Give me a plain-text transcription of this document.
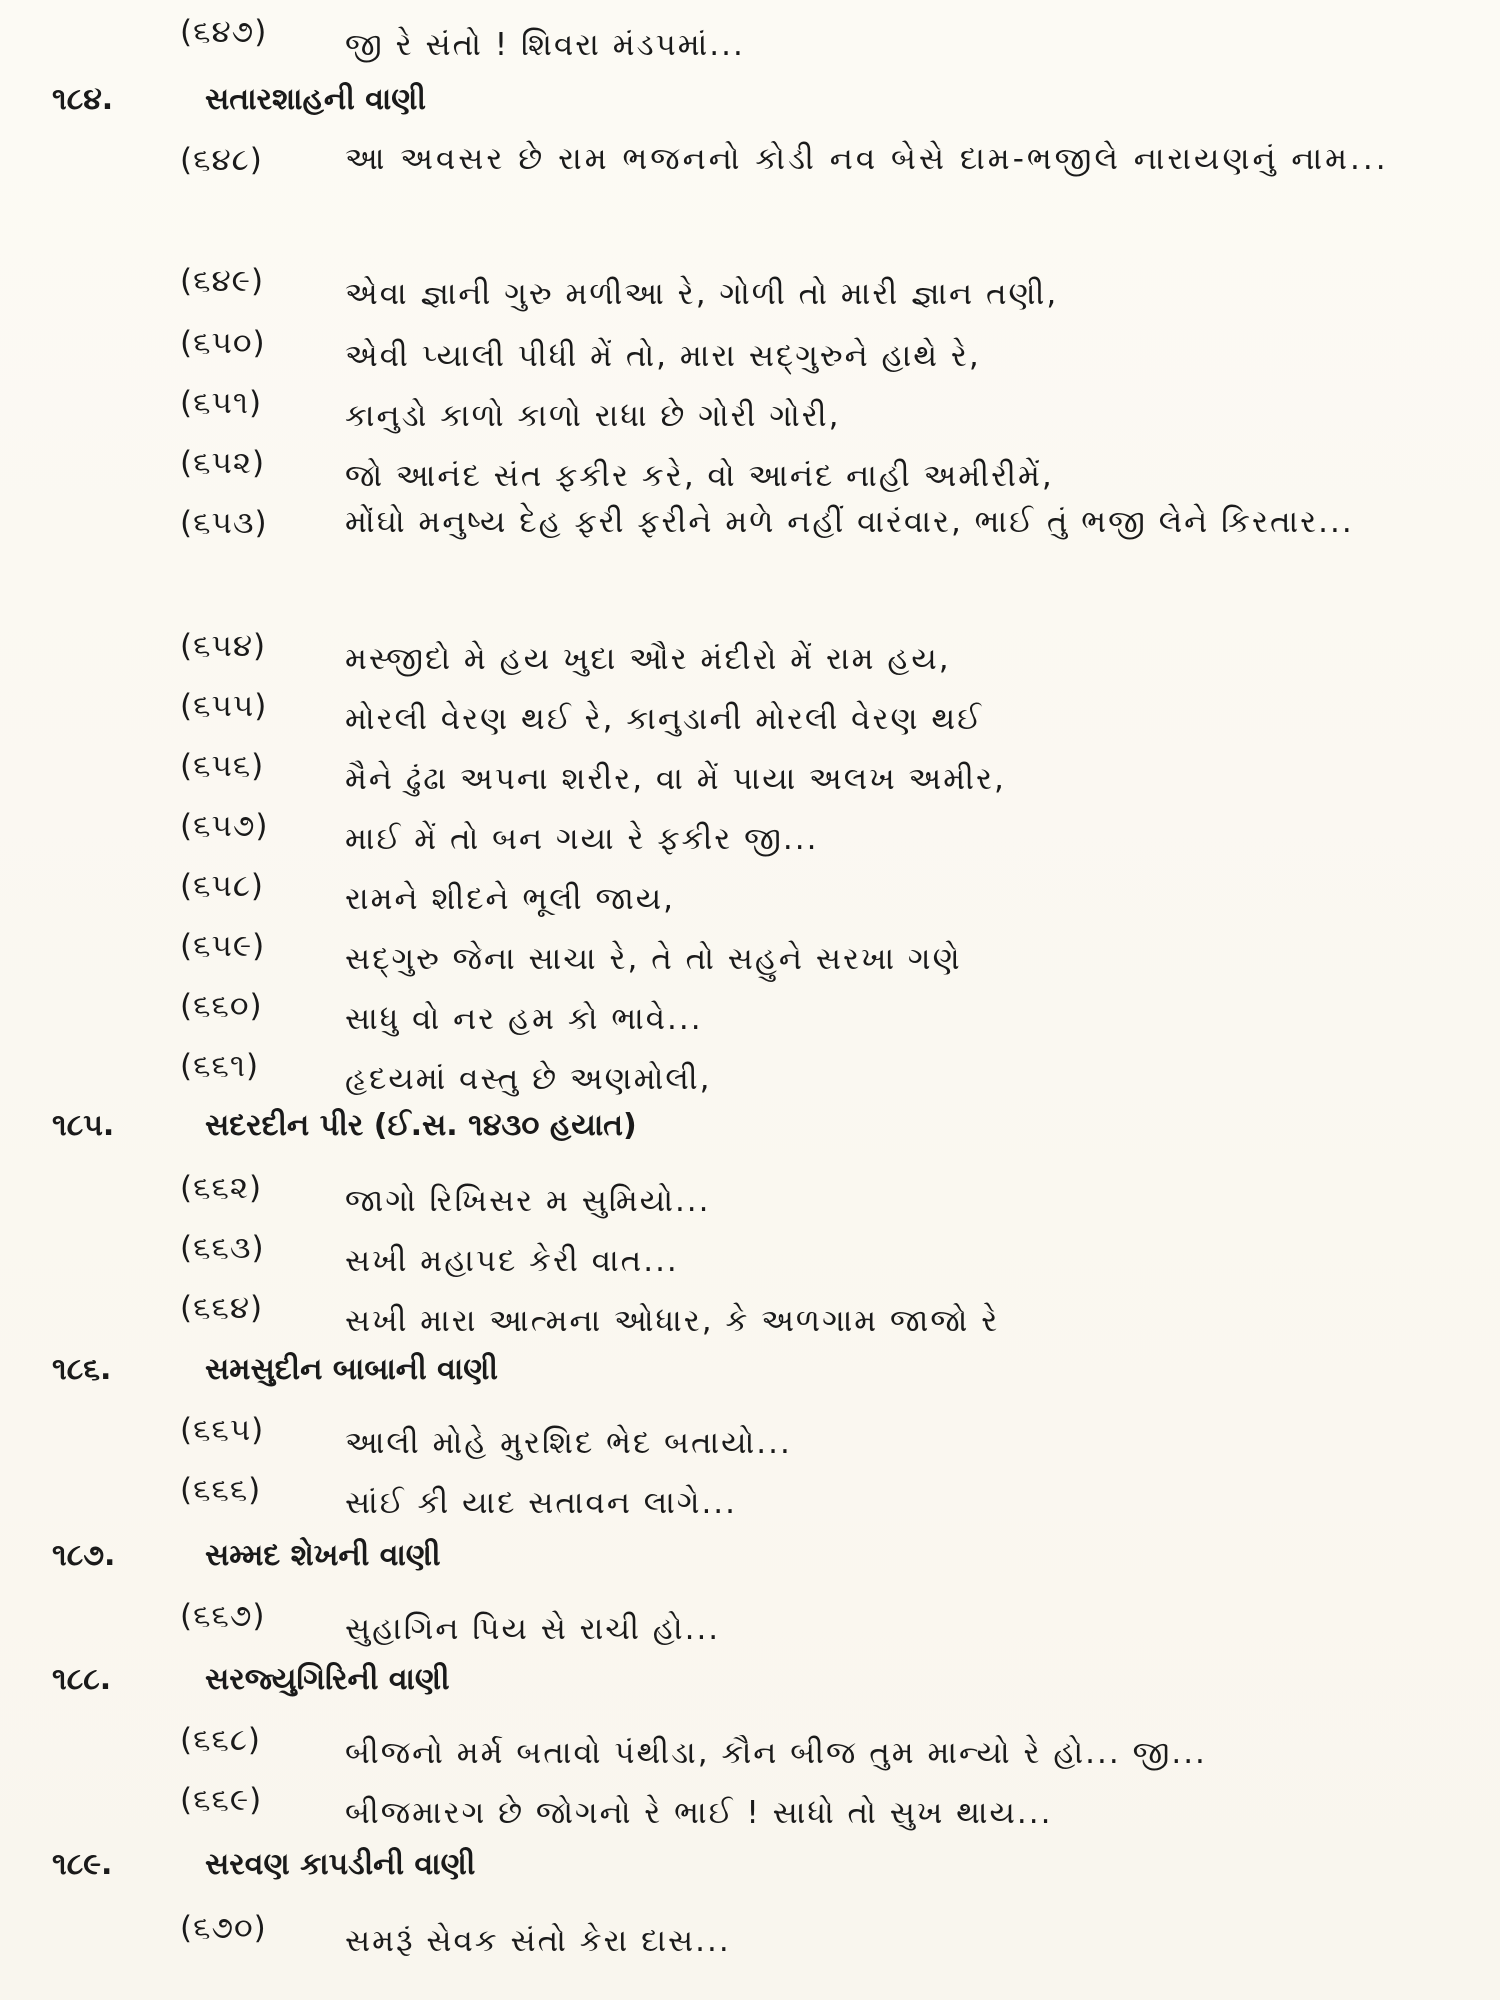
(૬૪૭)	જી રે સંતો ! શિવરા મંડપમાં...
૧૮૪.	સતારશાહની વાણી
(૬૪૮)	આ અવસર છે રામ ભજનનો કોડી નવ બેસે દામ-ભજીલે નારાયણનું નામ...
(૬૪૯)	એવા જ્ઞાની ગુરુ મળીઆ રે, ગોળી તો મારી જ્ઞાન તણી,
(૬૫૦)	એવી પ્યાલી પીધી મેં તો, મારા સદ્‌ગુરુને હાથે રે,
(૬૫૧)	કાનુડો કાળો કાળો રાધા છે ગોરી ગોરી,
(૬૫૨)	જો આનંદ સંત ફકીર કરે, વો આનંદ નાહી અમીરીમેં,
(૬૫૩) મોંઘો મનુષ્ય દેહ ફરી ફરીને મળે નહીં વારંવાર, ભાઈ તું ભજી લેને કિરતાર...
(૬૫૪)	મસ્જીદો મે હય ખુદા ઔર મંદીરો મેં રામ હય,
(૬૫૫)	મોરલી વેરણ થઈ રે, કાનુડાની મોરલી વેરણ થઈ
(૬૫૬)	મૈને ઢુંઢા અપના શરીર, વા મેં પાયા અલખ અમીર,
(૬૫૭) માઈ મેં તો બન ગયા રે ફકીર જી...
(૬૫૮)	રામને શીદને ભૂલી જાય,
(૬૫૯)	સદ્‌ગુરુ જેના સાચા રે, તે તો સહુને સરખા ગણે
(૬૬૦)	સાધુ વો નર હમ કો ભાવે...
(૬૬૧)	હૃદયમાં વસ્તુ છે અણમોલી,
૧૮૫.	સદરદીન પીર (ઈ.સ. ૧૪૩૦ હયાત)
(૬૬૨)	જાગો રિખિસર મ સુમિયો...
(૬૬૩)	સખી મહાપદ કેરી વાત...
(૬૬૪)	સખી મારા આત્મના ઓધાર, કે અળગામ જાજો રે
૧૮૬.	સમસુદીન બાબાની વાણી
(૬૬૫)	આલી મોહે મુરશિદ ભેદ બતાયો...
(૬૬૬)	સાંઈ કી યાદ સતાવન લાગે...
૧૮૭.	સમ્મદ શેખની વાણી
(૬૬૭)	સુહાગિન પિય સે રાચી હો...
૧૮૮.	સરજ્યુગિરિની વાણી
(૬૬૮)	બીજનો મર્મ બતાવો પંથીડા, કૌન બીજ તુમ માન્યો રે હો... જી...
(૬૬૯)	બીજમારગ છે જોગનો રે ભાઈ ! સાધો તો સુખ થાય...
૧૮૯.	સરવણ કાપડીની વાણી
(૬૭૦)	સમરૂં સેવક સંતો કેરા દાસ...
